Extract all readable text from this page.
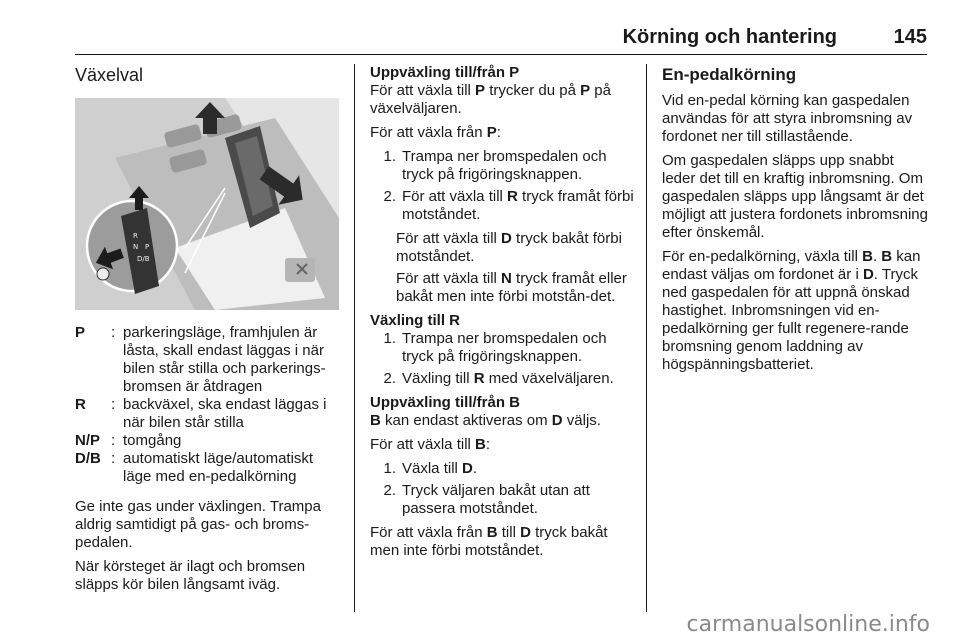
Körning och hantering	145
Växelval
R
N P
D/B
P	: parkeringsläge, framhjulen är låsta, skall endast läggas i när bilen står stilla och parkerings-bromsen är åtdragen
R	: backväxel, ska endast läggas i när bilen står stilla
N/P : tomgång
D/B : automatiskt läge/automatiskt läge med en-pedalkörning

Ge inte gas under växlingen. Trampa aldrig samtidigt på gas- och broms-pedalen.

När körsteget är ilagt och bromsen släpps kör bilen långsamt iväg.

Uppväxling till/från P

För att växla till P trycker du på P på växelväljaren.

För att växla från P:

1. Trampa ner bromspedalen och tryck på frigöringsknappen.
2. För att växla till R tryck framåt förbi motståndet.
För att växla till D tryck bakåt förbi motståndet.
För att växla till N tryck framåt eller bakåt men inte förbi motstån-det.
Växling till R
1. Trampa ner bromspedalen och tryck på frigöringsknappen.
2. Växling till R med växelväljaren.
Uppväxling till/från B

B kan endast aktiveras om D väljs.

För att växla till B:

1. Växla till D.
2. Tryck väljaren bakåt utan att passera motståndet.

För att växla från B till D tryck bakåt men inte förbi motståndet.

En-pedalkörning

Vid en-pedal körning kan gaspedalen användas för att styra inbromsning av fordonet ner till stillastående.

Om gaspedalen släpps upp snabbt leder det till en kraftig inbromsning. Om gaspedalen släpps upp långsamt är det möjligt att justera fordonets inbromsning efter önskemål.

För en-pedalkörning, växla till B. B kan endast väljas om fordonet är i D. Tryck ned gaspedalen för att uppnå önskad hastighet. Inbromsningen vid en-pedalkörning ger fullt regenere-rande bromsning genom laddning av högspänningsbatteriet.

carmanualsonline.info
